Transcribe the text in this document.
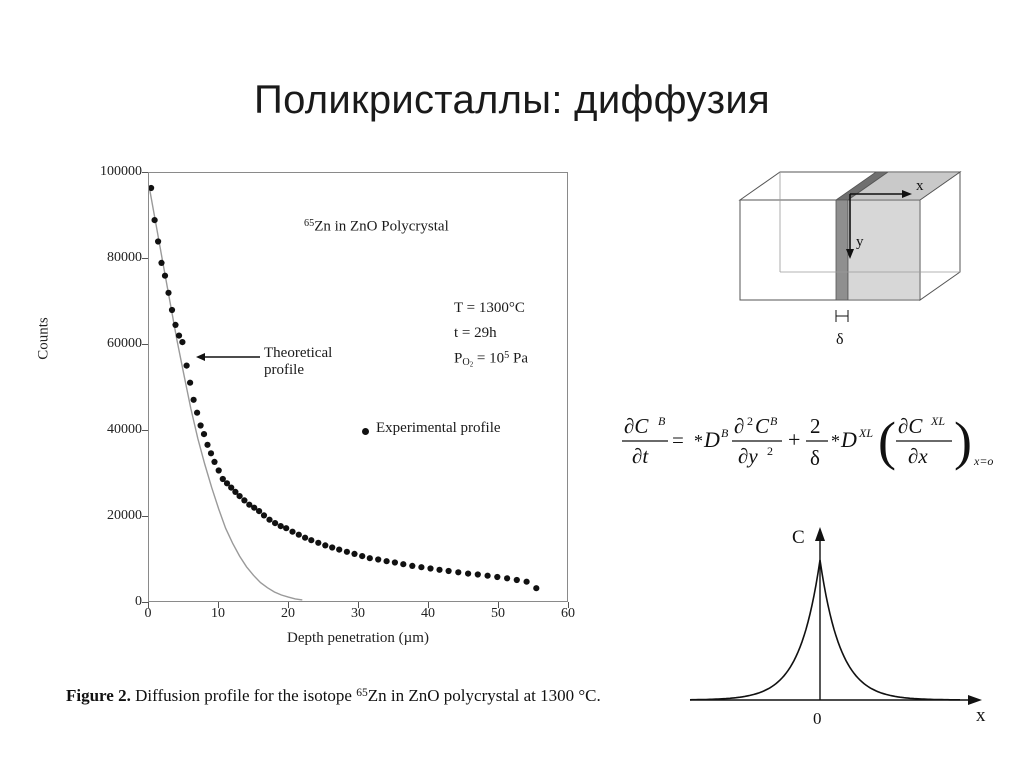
Поликристаллы: диффузия
Counts
100000
80000
60000
40000
20000
0
0	10	20	30	40	50	60
Depth penetration (µm)
$^{65}$Zn in ZnO Polycrystal
T = 1300°C
t = 29h
$P_{O_2} = 10^5$ Pa
Theoretical
profile
Experimental profile
Figure 2. Diffusion profile for the isotope $^{65}$Zn in ZnO polycrystal at 1300 °C.
x
y
δ
∂C B
∂t
= * D B ∂ 2 C B
∂y 2 +
2
δ
* D XL ( ∂C XL
∂x ) x=o
C
x
0
